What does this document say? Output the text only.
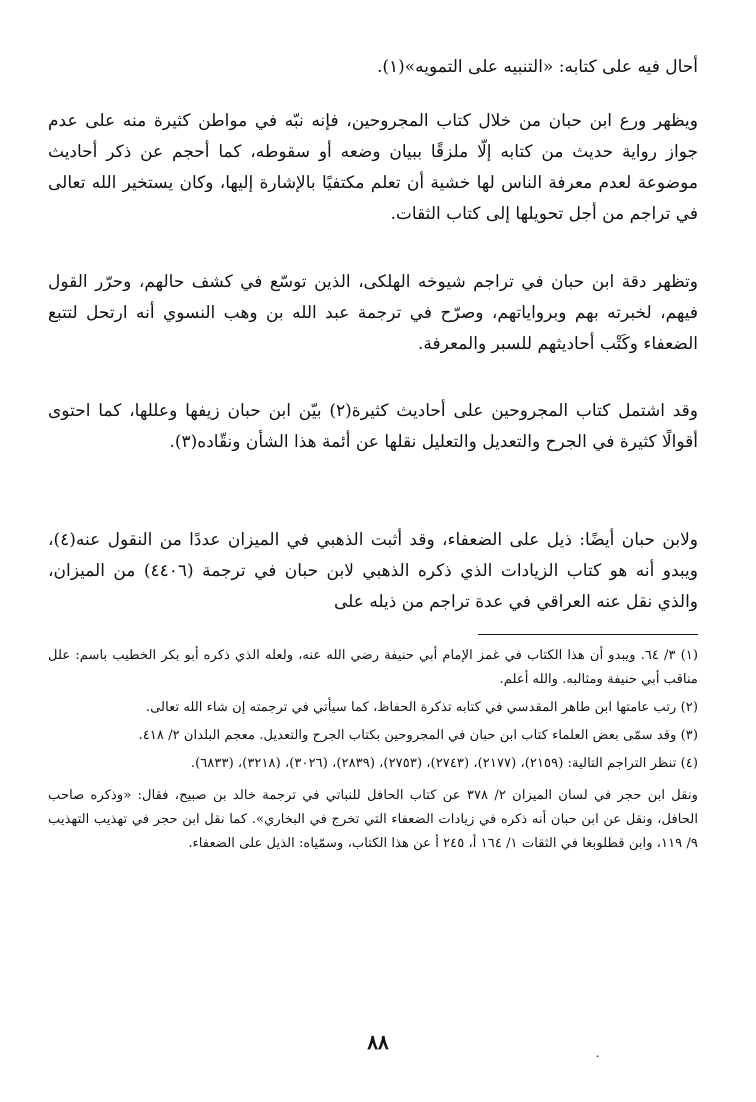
أحال فيه على كتابه: «التنبيه على التمويه»(١).

ويظهر ورع ابن حبان من خلال كتاب المجروحين، فإنه نبّه في مواطن كثيرة منه على عدم جواز رواية حديث من كتابه إلّا ملزقًا ببيان وضعه أو سقوطه، كما أحجم عن ذكر أحاديث موضوعة لعدم معرفة الناس لها خشية أن تعلم مكتفيًا بالإشارة إليها، وكان يستخير الله تعالى في تراجم من أجل تحويلها إلى كتاب الثقات.

وتظهر دقة ابن حبان في تراجم شيوخه الهلكى، الذين توسّع في كشف حالهم، وحرّر القول فيهم، لخبرته بهم وبرواياتهم، وصرّح في ترجمة عبد الله بن وهب النسوي أنه ارتحل لتتبع الضعفاء وكَتْب أحاديثهم للسبر والمعرفة.

وقد اشتمل كتاب المجروحين على أحاديث كثيرة(٢) بيّن ابن حبان زيفها وعللها، كما احتوى أقوالًا كثيرة في الجرح والتعديل والتعليل نقلها عن أئمة هذا الشأن ونقّاده(٣).

ولابن حبان أيضًا: ذيل على الضعفاء، وقد أثبت الذهبي في الميزان عددًا من النقول عنه(٤)، ويبدو أنه هو كتاب الزيادات الذي ذكره الذهبي لابن حبان في ترجمة (٤٤٠٦) من الميزان، والذي نقل عنه العراقي في عدة تراجم من ذيله على

(١) ٣/ ٦٤. ويبدو أن هذا الكتاب في غمز الإمام أبي حنيفة رضي الله عنه، ولعله الذي ذكره أبو بكر الخطيب باسم: علل مناقب أبي حنيفة ومثالبه. والله أعلم.

(٢) رتب عامتها ابن طاهر المقدسي في كتابه تذكرة الحفاظ، كما سيأتي في ترجمته إن شاء الله تعالى.

(٣) وقد سمّى بعض العلماء كتاب ابن حبان في المجروحين بكتاب الجرح والتعديل. معجم البلدان ٢/ ٤١٨.

(٤) تنظر التراجم التالية: (٢١٥٩)، (٢١٧٧)، (٢٧٤٣)، (٢٧٥٣)، (٢٨٣٩)، (٣٠٢٦)، (٣٢١٨)، (٦٨٣٣).

ونقل ابن حجر في لسان الميزان ٢/ ٣٧٨ عن كتاب الحافل للنباتي في ترجمة خالد بن صبيح، فقال: «وذكره صاحب الحافل، ونقل عن ابن حبان أنه ذكره في زيادات الضعفاء التي تخرج في البخاري». كما نقل ابن حجر في تهذيب التهذيب ٩/ ١١٩، وابن قطلوبغا في الثقات ١/ ١٦٤ أ، ٢٤٥ أ عن هذا الكتاب، وسمّياه: الذيل على الضعفاء.

٨٨
˙
